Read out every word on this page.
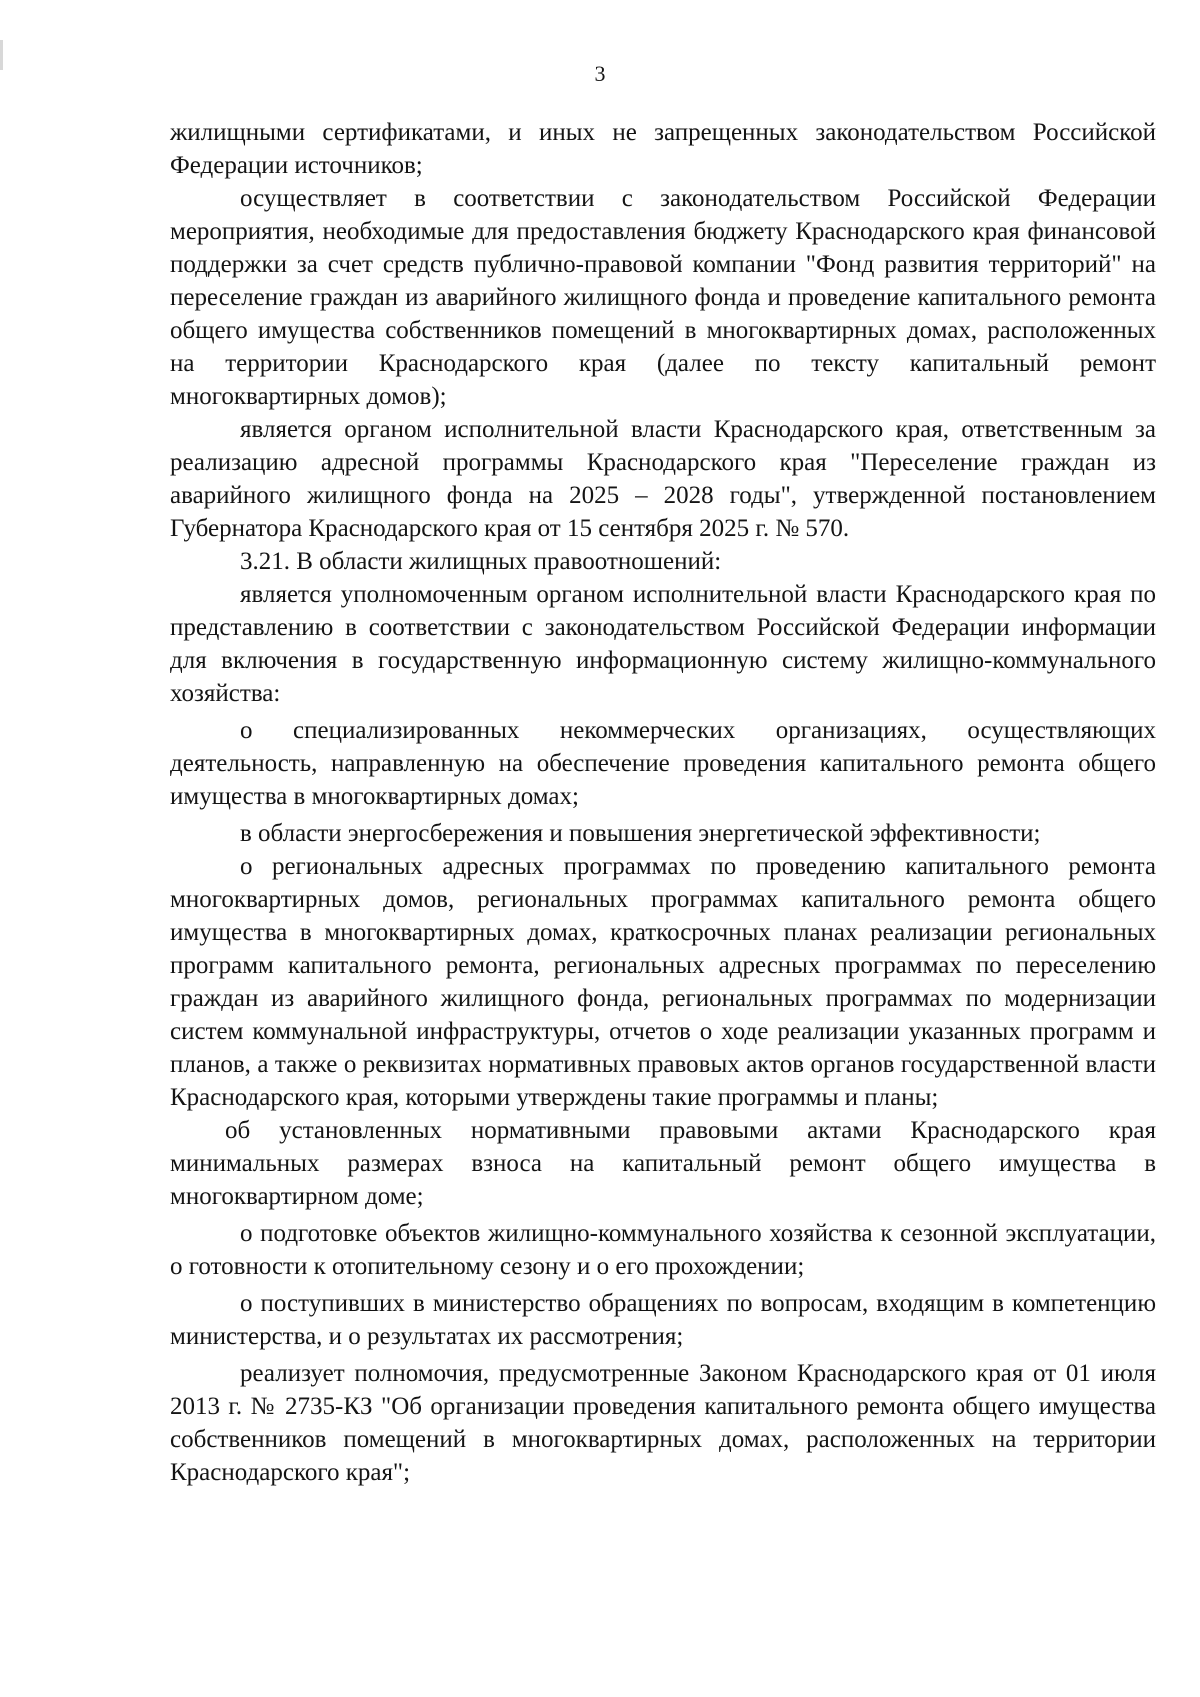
3

жилищными сертификатами, и иных не запрещенных законодательством Российской Федерации источников;

осуществляет в соответствии с законодательством Российской Федерации мероприятия, необходимые для предоставления бюджету Краснодарского края финансовой поддержки за счет средств публично-правовой компании "Фонд развития территорий" на переселение граждан из аварийного жилищного фонда и проведение капитального ремонта общего имущества собственников помещений в многоквартирных домах, расположенных на территории Краснодарского края (далее по тексту капитальный ремонт многоквартирных домов);

является органом исполнительной власти Краснодарского края, ответственным за реализацию адресной программы Краснодарского края "Переселение граждан из аварийного жилищного фонда на 2025 – 2028 годы", утвержденной постановлением Губернатора Краснодарского края от 15 сентября 2025 г. № 570.

3.21. В области жилищных правоотношений:

является уполномоченным органом исполнительной власти Краснодарского края по представлению в соответствии с законодательством Российской Федерации информации для включения в государственную информационную систему жилищно-коммунального хозяйства:

о специализированных некоммерческих организациях, осуществляющих деятельность, направленную на обеспечение проведения капитального ремонта общего имущества в многоквартирных домах;

в области энергосбережения и повышения энергетической эффективности;

о региональных адресных программах по проведению капитального ремонта многоквартирных домов, региональных программах капитального ремонта общего имущества в многоквартирных домах, краткосрочных планах реализации региональных программ капитального ремонта, региональных адресных программах по переселению граждан из аварийного жилищного фонда, региональных программах по модернизации систем коммунальной инфраструктуры, отчетов о ходе реализации указанных программ и планов, а также о реквизитах нормативных правовых актов органов государственной власти Краснодарского края, которыми утверждены такие программы и планы;

об установленных нормативными правовыми актами Краснодарского края минимальных размерах взноса на капитальный ремонт общего имущества в многоквартирном доме;

о подготовке объектов жилищно-коммунального хозяйства к сезонной эксплуатации, о готовности к отопительному сезону и о его прохождении;

о поступивших в министерство обращениях по вопросам, входящим в компетенцию министерства, и о результатах их рассмотрения;

реализует полномочия, предусмотренные Законом Краснодарского края от 01 июля 2013 г. № 2735-КЗ "Об организации проведения капитального ремонта общего имущества собственников помещений в многоквартирных домах, расположенных на территории Краснодарского края";
